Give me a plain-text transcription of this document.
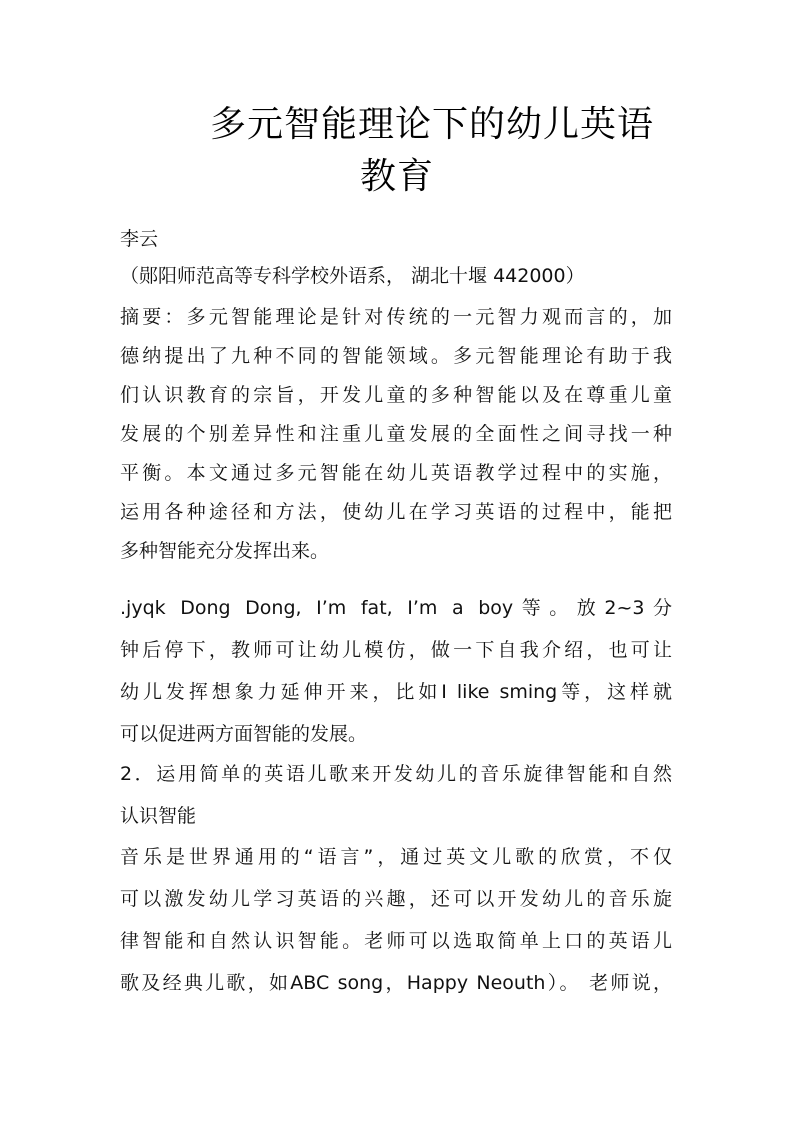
多元智能理论下的幼儿英语
教育
李云
（郧阳师范高等专科学校外语系， 湖北十堰 442000）
摘要：多元智能理论是针对传统的一元智力观而言的，加
德纳提出了九种不同的智能领域。多元智能理论有助于我
们认识教育的宗旨，开发儿童的多种智能以及在尊重儿童
发展的个别差异性和注重儿童发展的全面性之间寻找一种
平衡。本文通过多元智能在幼儿英语教学过程中的实施，
运用各种途径和方法，使幼儿在学习英语的过程中，能把
多种智能充分发挥出来。
.jyqk Dong Dong, I’m fat, I’m a boy等。放2~3分
钟后停下，教师可让幼儿模仿，做一下自我介绍，也可让
幼儿发挥想象力延伸开来，比如I like sming等，这样就
可以促进两方面智能的发展。
2．运用简单的英语儿歌来开发幼儿的音乐旋律智能和自然
认识智能
音乐是世界通用的“语言”，通过英文儿歌的欣赏，不仅
可以激发幼儿学习英语的兴趣，还可以开发幼儿的音乐旋
律智能和自然认识智能。老师可以选取简单上口的英语儿
歌及经典儿歌，如ABC song，Happy Neouth）。 老师说，
